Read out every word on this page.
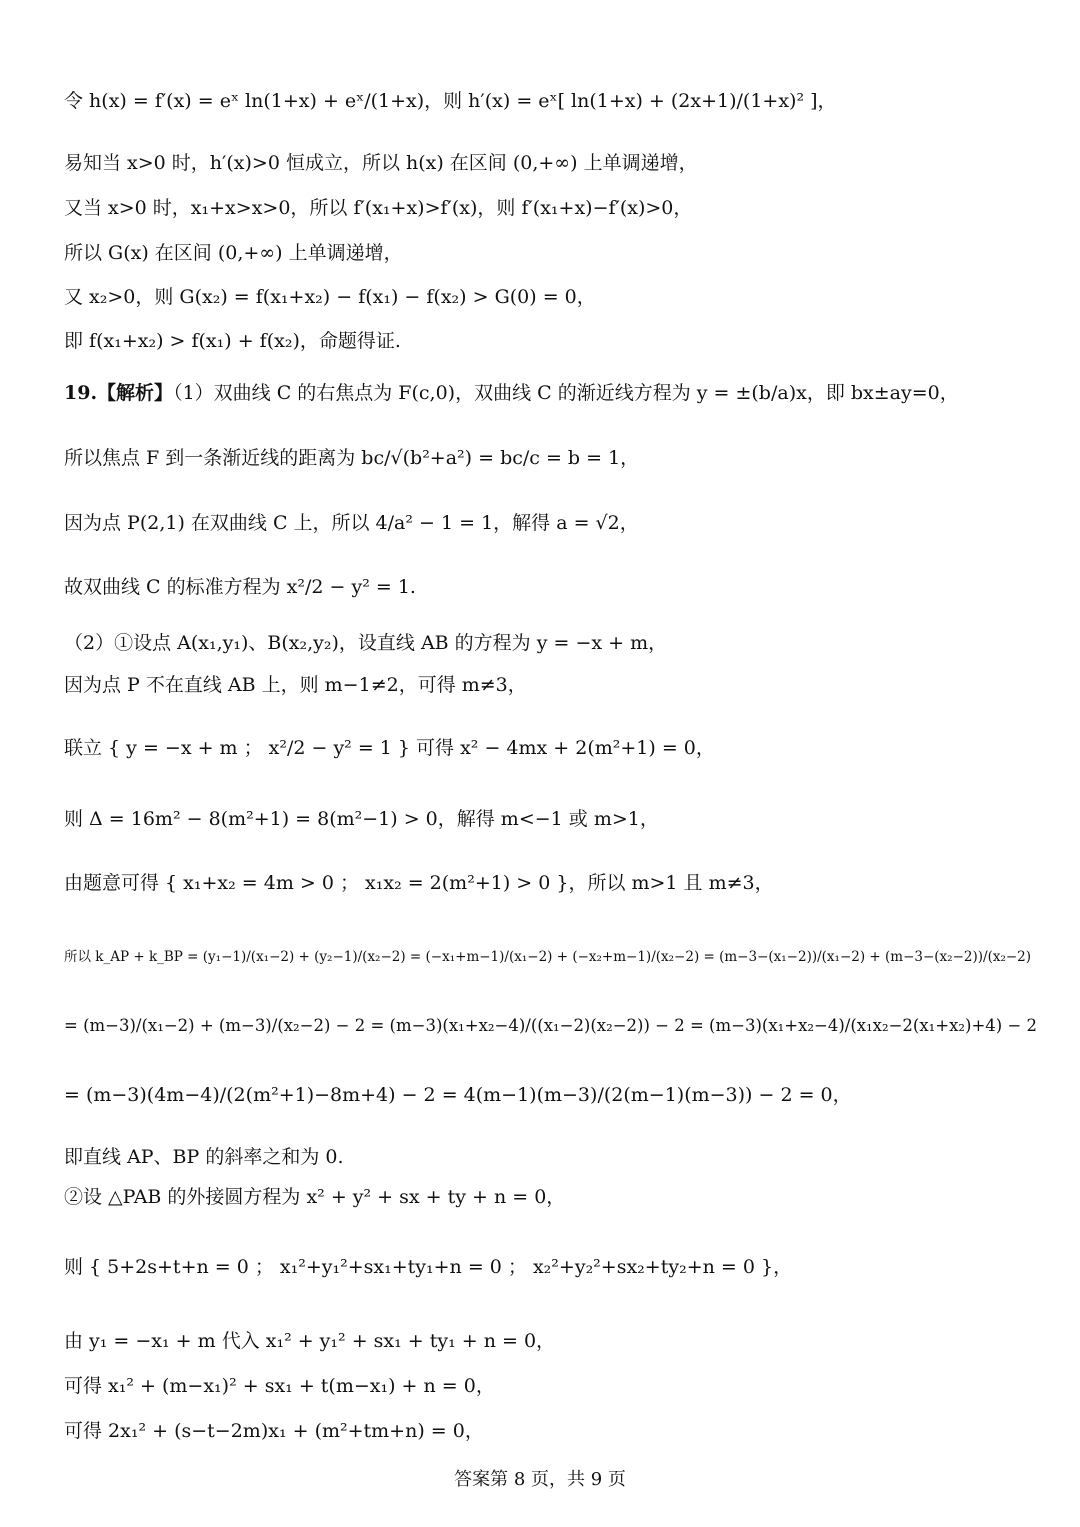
令 h(x) = f′(x) = eˣ ln(1+x) + eˣ/(1+x)，则 h′(x) = eˣ[ ln(1+x) + (2x+1)/(1+x)² ]，
易知当 x>0 时，h′(x)>0 恒成立，所以 h(x) 在区间 (0,+∞) 上单调递增，
又当 x>0 时，x₁+x>x>0，所以 f′(x₁+x)>f′(x)，则 f′(x₁+x)−f′(x)>0，
所以 G(x) 在区间 (0,+∞) 上单调递增，
又 x₂>0，则 G(x₂) = f(x₁+x₂) − f(x₁) − f(x₂) > G(0) = 0，
即 f(x₁+x₂) > f(x₁) + f(x₂)，命题得证.
19.【解析】（1）双曲线 C 的右焦点为 F(c,0)，双曲线 C 的渐近线方程为 y = ±(b/a)x，即 bx±ay=0，
所以焦点 F 到一条渐近线的距离为 bc/√(b²+a²) = bc/c = b = 1，
因为点 P(2,1) 在双曲线 C 上，所以 4/a² − 1 = 1，解得 a = √2，
故双曲线 C 的标准方程为 x²/2 − y² = 1.
（2）①设点 A(x₁,y₁)、B(x₂,y₂)，设直线 AB 的方程为 y = −x + m，
因为点 P 不在直线 AB 上，则 m−1≠2，可得 m≠3，
联立 { y = −x + m ； x²/2 − y² = 1 } 可得 x² − 4mx + 2(m²+1) = 0，
则 Δ = 16m² − 8(m²+1) = 8(m²−1) > 0，解得 m<−1 或 m>1，
由题意可得 { x₁+x₂ = 4m > 0 ； x₁x₂ = 2(m²+1) > 0 }，所以 m>1 且 m≠3，
所以 k_AP + k_BP = (y₁−1)/(x₁−2) + (y₂−1)/(x₂−2) = (−x₁+m−1)/(x₁−2) + (−x₂+m−1)/(x₂−2) = (m−3−(x₁−2))/(x₁−2) + (m−3−(x₂−2))/(x₂−2)
= (m−3)/(x₁−2) + (m−3)/(x₂−2) − 2 = (m−3)(x₁+x₂−4)/((x₁−2)(x₂−2)) − 2 = (m−3)(x₁+x₂−4)/(x₁x₂−2(x₁+x₂)+4) − 2
= (m−3)(4m−4)/(2(m²+1)−8m+4) − 2 = 4(m−1)(m−3)/(2(m−1)(m−3)) − 2 = 0，
即直线 AP、BP 的斜率之和为 0.
②设 △PAB 的外接圆方程为 x² + y² + sx + ty + n = 0，
则 { 5+2s+t+n = 0 ； x₁²+y₁²+sx₁+ty₁+n = 0 ； x₂²+y₂²+sx₂+ty₂+n = 0 }，
由 y₁ = −x₁ + m 代入 x₁² + y₁² + sx₁ + ty₁ + n = 0，
可得 x₁² + (m−x₁)² + sx₁ + t(m−x₁) + n = 0，
可得 2x₁² + (s−t−2m)x₁ + (m²+tm+n) = 0，
答案第 8 页，共 9 页
